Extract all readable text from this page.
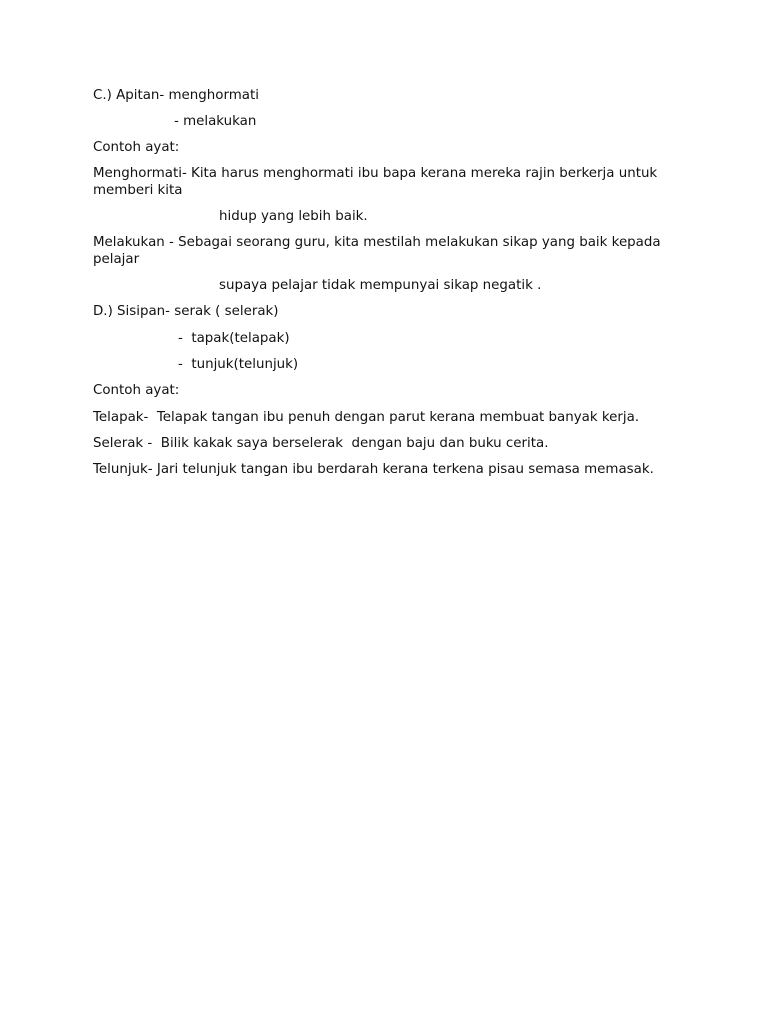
C.) Apitan- menghormati
- melakukan
Contoh ayat:
Menghormati- Kita harus menghormati ibu bapa kerana mereka rajin berkerja untuk memberi kita
hidup yang lebih baik.
Melakukan - Sebagai seorang guru, kita mestilah melakukan sikap yang baik kepada pelajar
supaya pelajar tidak mempunyai sikap negatik .
D.) Sisipan- serak ( selerak)
-  tapak(telapak)
-  tunjuk(telunjuk)
Contoh ayat:
Telapak-  Telapak tangan ibu penuh dengan parut kerana membuat banyak kerja.
Selerak -  Bilik kakak saya berselerak  dengan baju dan buku cerita.
Telunjuk- Jari telunjuk tangan ibu berdarah kerana terkena pisau semasa memasak.
